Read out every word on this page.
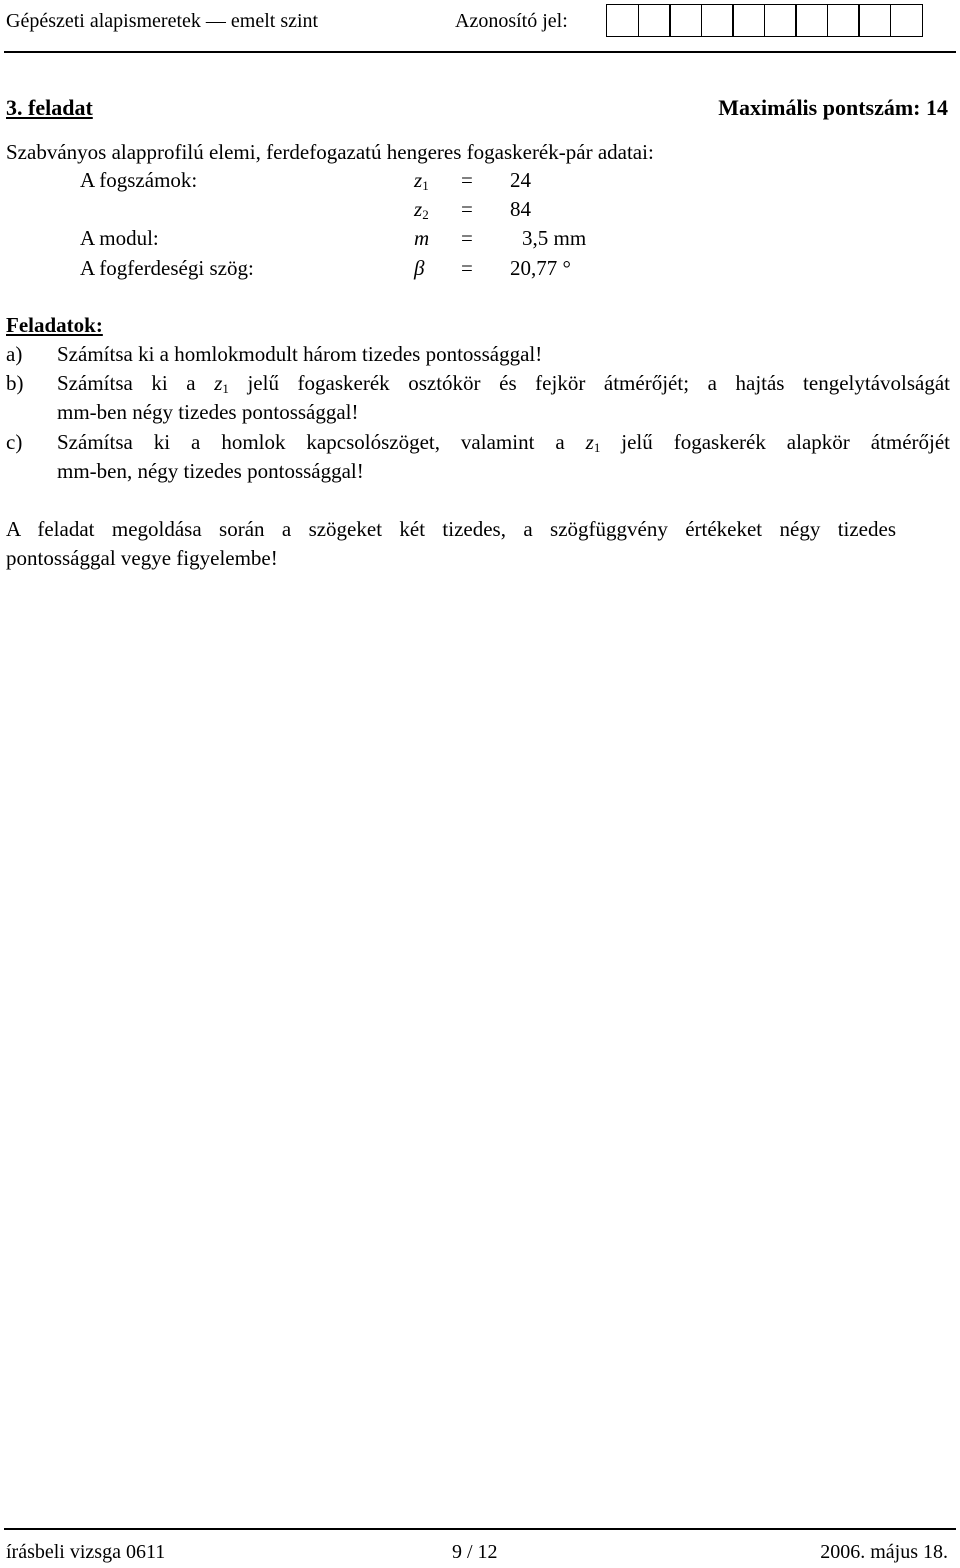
Gépészeti alapismeretek — emelt szint	Azonosító jel:
3. feladat	Maximális pontszám: 14
Szabványos alapprofilú elemi, ferdefogazatú hengeres fogaskerék-pár adatai:
A fogszámok:	$z_1 = 24$
$z_2 = 84$
A modul:	m = 3,5 mm
A fogferdeségi szög:	β = 20,77 °
Feladatok:
a) Számítsa ki a homlokmodult három tizedes pontossággal!
b) Számítsa ki a $z_1$ jelű fogaskerék osztókör és fejkör átmérőjét; a hajtás tengelytávolságát
mm-ben négy tizedes pontossággal!
c) Számítsa ki a homlok kapcsolószöget, valamint a $z_1$ jelű fogaskerék alapkör átmérőjét
mm-ben, négy tizedes pontossággal!
A feladat megoldása során a szögeket két tizedes, a szögfüggvény értékeket négy tizedes
pontossággal vegye figyelembe!
írásbeli vizsga 0611	9 / 12	2006. május 18.
